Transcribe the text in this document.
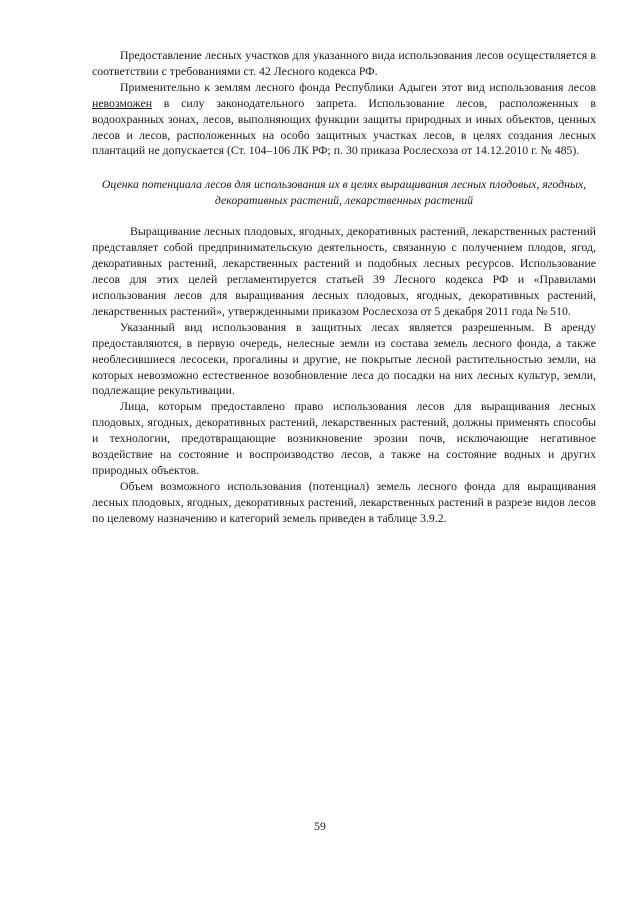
Предоставление лесных участков для указанного вида использования лесов осуществляется в соответствии с требованиями ст. 42 Лесного кодекса РФ.

Применительно к землям лесного фонда Республики Адыгеи этот вид использования лесов невозможен в силу законодательного запрета. Использование лесов, расположенных в водоохранных зонах, лесов, выполняющих функции защиты природных и иных объектов, ценных лесов и лесов, расположенных на особо защитных участках лесов, в целях создания лесных плантаций не допускается (Ст. 104–106 ЛК РФ; п. 30 приказа Рослесхоза от 14.12.2010 г. № 485).

Оценка потенциала лесов для использования их в целях выращивания лесных плодовых, ягодных, декоративных растений, лекарственных растений

Выращивание лесных плодовых, ягодных, декоративных растений, лекарственных растений представляет собой предпринимательскую деятельность, связанную с получением плодов, ягод, декоративных растений, лекарственных растений и подобных лесных ресурсов. Использование лесов для этих целей регламентируется статьей 39 Лесного кодекса РФ и «Правилами использования лесов для выращивания лесных плодовых, ягодных, декоративных растений, лекарственных растений», утвержденными приказом Рослесхоза от 5 декабря 2011 года № 510.

Указанный вид использования в защитных лесах является разрешенным. В аренду предоставляются, в первую очередь, нелесные земли из состава земель лесного фонда, а также необлесившиеся лесосеки, прогалины и другие, не покрытые лесной растительностью земли, на которых невозможно естественное возобновление леса до посадки на них лесных культур, земли, подлежащие рекультивации.

Лица, которым предоставлено право использования лесов для выращивания лесных плодовых, ягодных, декоративных растений, лекарственных растений, должны применять способы и технологии, предотвращающие возникновение эрозии почв, исключающие негативное воздействие на состояние и воспроизводство лесов, а также на состояние водных и других природных объектов.

Объем возможного использования (потенциал) земель лесного фонда для выращивания лесных плодовых, ягодных, декоративных растений, лекарственных растений в разрезе видов лесов по целевому назначению и категорий земель приведен в таблице 3.9.2.

59
